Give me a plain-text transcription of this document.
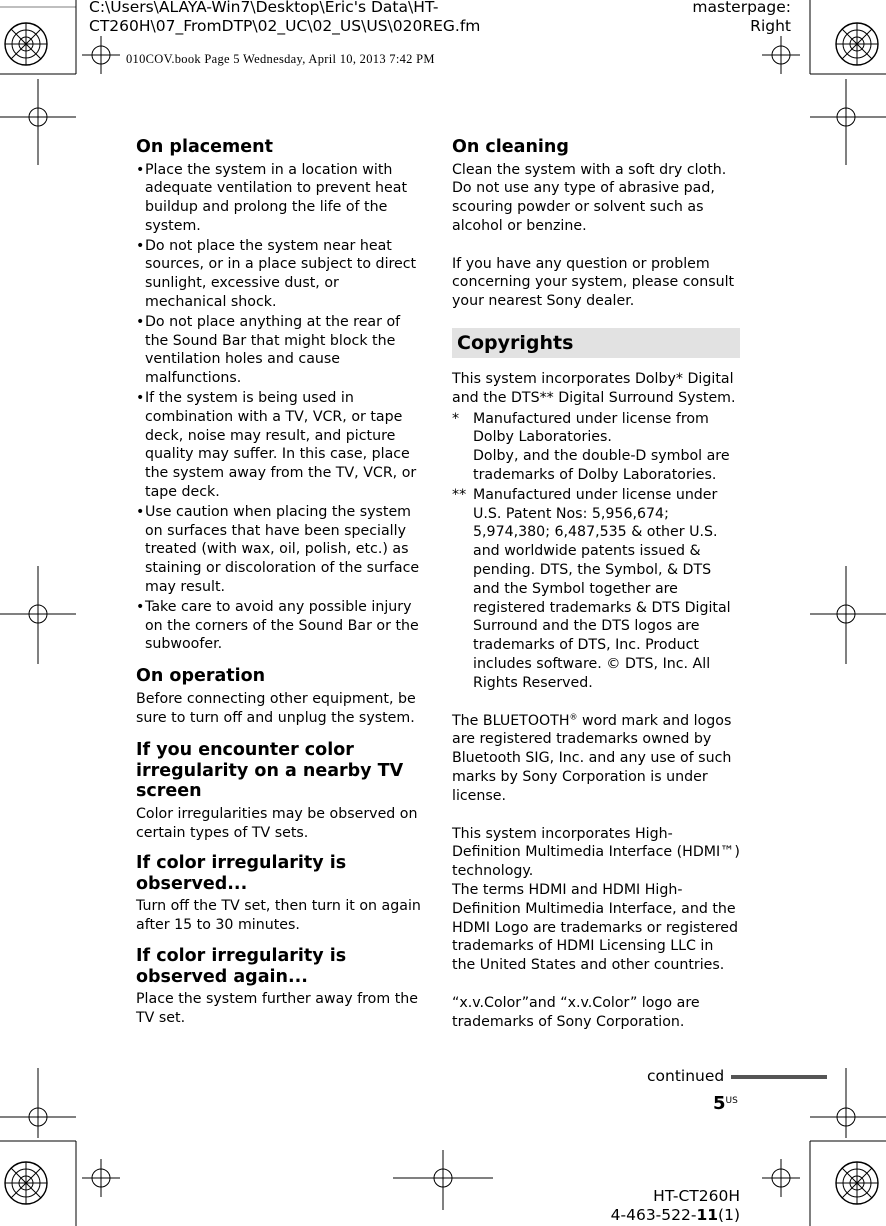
C:\Users\ALAYA-Win7\Desktop\Eric's Data\HT-
CT260H\07_FromDTP\02_UC\02_US\US\020REG.fm
masterpage:
Right
010COV.book Page 5 Wednesday, April 10, 2013 7:42 PM
On placement
• Place the system in a location with adequate ventilation to prevent heat buildup and prolong the life of the system.
• Do not place the system near heat sources, or in a place subject to direct sunlight, excessive dust, or mechanical shock.
• Do not place anything at the rear of the Sound Bar that might block the ventilation holes and cause malfunctions.
• If the system is being used in combination with a TV, VCR, or tape deck, noise may result, and picture quality may suffer. In this case, place the system away from the TV, VCR, or tape deck.
• Use caution when placing the system on surfaces that have been specially treated (with wax, oil, polish, etc.) as staining or discoloration of the surface may result.
• Take care to avoid any possible injury on the corners of the Sound Bar or the subwoofer.
On operation

Before connecting other equipment, be sure to turn off and unplug the system.

If you encounter color irregularity on a nearby TV screen

Color irregularities may be observed on certain types of TV sets.

If color irregularity is observed...

Turn off the TV set, then turn it on again after 15 to 30 minutes.

If color irregularity is observed again...

Place the system further away from the TV set.

On cleaning

Clean the system with a soft dry cloth. Do not use any type of abrasive pad, scouring powder or solvent such as alcohol or benzine.

If you have any question or problem concerning your system, please consult your nearest Sony dealer.

Copyrights

This system incorporates Dolby* Digital and the DTS** Digital Surround System.

* Manufactured under license from Dolby Laboratories.
Dolby, and the double-D symbol are trademarks of Dolby Laboratories.
** Manufactured under license under U.S. Patent Nos: 5,956,674; 5,974,380; 6,487,535 & other U.S. and worldwide patents issued & pending. DTS, the Symbol, & DTS and the Symbol together are registered trademarks & DTS Digital Surround and the DTS logos are trademarks of DTS, Inc. Product includes software. © DTS, Inc. All Rights Reserved.

The BLUETOOTH® word mark and logos are registered trademarks owned by Bluetooth SIG, Inc. and any use of such marks by Sony Corporation is under license.

This system incorporates High-Definition Multimedia Interface (HDMI™) technology.

The terms HDMI and HDMI High-Definition Multimedia Interface, and the HDMI Logo are trademarks or registered trademarks of HDMI Licensing LLC in the United States and other countries.

“x.v.Color”and “x.v.Color” logo are trademarks of Sony Corporation.

continued
$5^{US}$
HT-CT260H
4-463-522-11(1)
